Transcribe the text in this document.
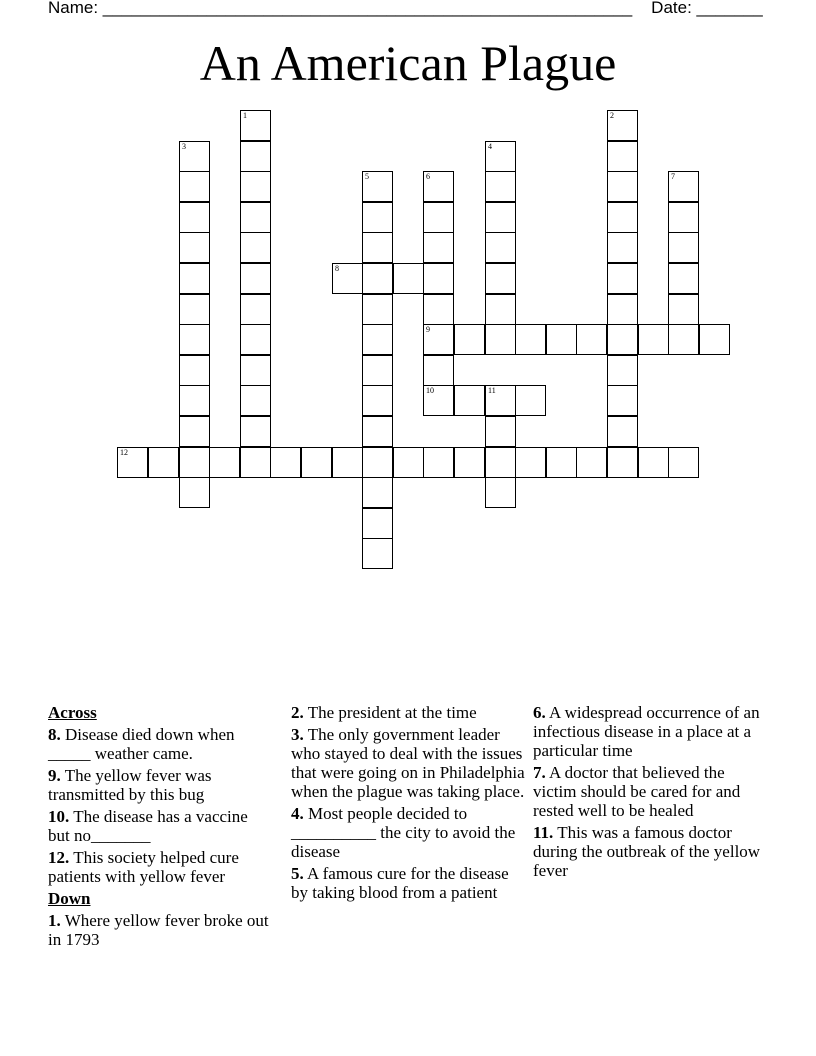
Name: ________________________________________________________ Date: _______
An American Plague
3
1
5	6
9
10
4
11
2
7
8
12
Across
8. Disease died down when _____ weather came.
9. The yellow fever was transmitted by this bug
10. The disease has a vaccine but no_______
12. This society helped cure patients with yellow fever
Down
1. Where yellow fever broke out in 1793
2. The president at the time
3. The only government leader who stayed to deal with the issues that were going on in Philadelphia when the plague was taking place.
4. Most people decided to __________ the city to avoid the disease
5. A famous cure for the disease by taking blood from a patient
6. A widespread occurrence of an infectious disease in a place at a particular time
7. A doctor that believed the victim should be cared for and rested well to be healed
11. This was a famous doctor during the outbreak of the yellow fever
